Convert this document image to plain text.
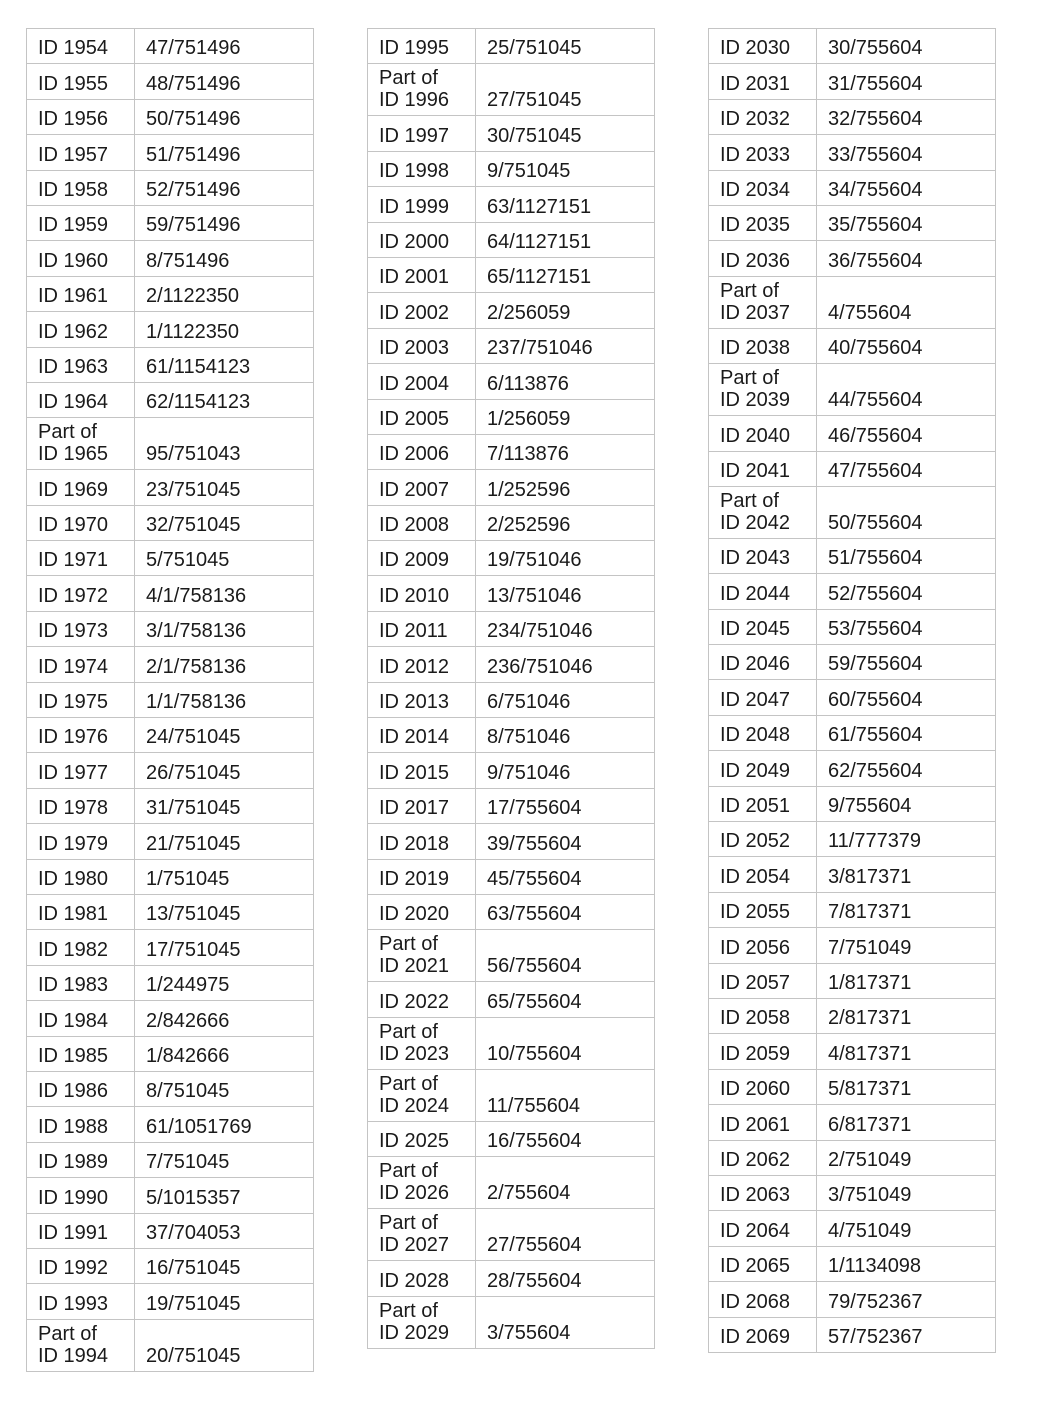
ID 1954	47/751496
ID 1955	48/751496
ID 1956	50/751496
ID 1957	51/751496
ID 1958	52/751496
ID 1959	59/751496
ID 1960	8/751496
ID 1961	2/1122350
ID 1962	1/1122350
ID 1963	61/1154123
ID 1964	62/1154123

Part of
ID 1965	95/751043
ID 1969	23/751045
ID 1970	32/751045
ID 1971	5/751045
ID 1972	4/1/758136
ID 1973	3/1/758136
ID 1974	2/1/758136
ID 1975	1/1/758136
ID 1976	24/751045
ID 1977	26/751045
ID 1978	31/751045
ID 1979	21/751045
ID 1980	1/751045
ID 1981	13/751045
ID 1982	17/751045
ID 1983	1/244975
ID 1984	2/842666
ID 1985	1/842666
ID 1986	8/751045
ID 1988	61/1051769
ID 1989	7/751045
ID 1990	5/1015357
ID 1991	37/704053
ID 1992	16/751045
ID 1993	19/751045

Part of
ID 1994	20/751045
ID 1995	25/751045

Part of
ID 1996	27/751045
ID 1997	30/751045
ID 1998	9/751045
ID 1999	63/1127151
ID 2000	64/1127151
ID 2001	65/1127151
ID 2002	2/256059
ID 2003	237/751046
ID 2004	6/113876
ID 2005	1/256059
ID 2006	7/113876
ID 2007	1/252596
ID 2008	2/252596
ID 2009	19/751046
ID 2010	13/751046
ID 2011	234/751046
ID 2012	236/751046
ID 2013	6/751046
ID 2014	8/751046
ID 2015	9/751046
ID 2017	17/755604
ID 2018	39/755604
ID 2019	45/755604
ID 2020	63/755604

Part of
ID 2021	56/755604
ID 2022	65/755604

Part of
ID 2023	10/755604

Part of
ID 2024	11/755604
ID 2025	16/755604

Part of
ID 2026	2/755604

Part of
ID 2027	27/755604
ID 2028	28/755604

Part of
ID 2029	3/755604
ID 2030	30/755604
ID 2031	31/755604
ID 2032	32/755604
ID 2033	33/755604
ID 2034	34/755604
ID 2035	35/755604
ID 2036	36/755604

Part of
ID 2037	4/755604
ID 2038	40/755604

Part of
ID 2039	44/755604
ID 2040	46/755604
ID 2041	47/755604

Part of
ID 2042	50/755604
ID 2043	51/755604
ID 2044	52/755604
ID 2045	53/755604
ID 2046	59/755604
ID 2047	60/755604
ID 2048	61/755604
ID 2049	62/755604
ID 2051	9/755604
ID 2052	11/777379
ID 2054	3/817371
ID 2055	7/817371
ID 2056	7/751049
ID 2057	1/817371
ID 2058	2/817371
ID 2059	4/817371
ID 2060	5/817371
ID 2061	6/817371
ID 2062	2/751049
ID 2063	3/751049
ID 2064	4/751049
ID 2065	1/1134098
ID 2068	79/752367
ID 2069	57/752367
